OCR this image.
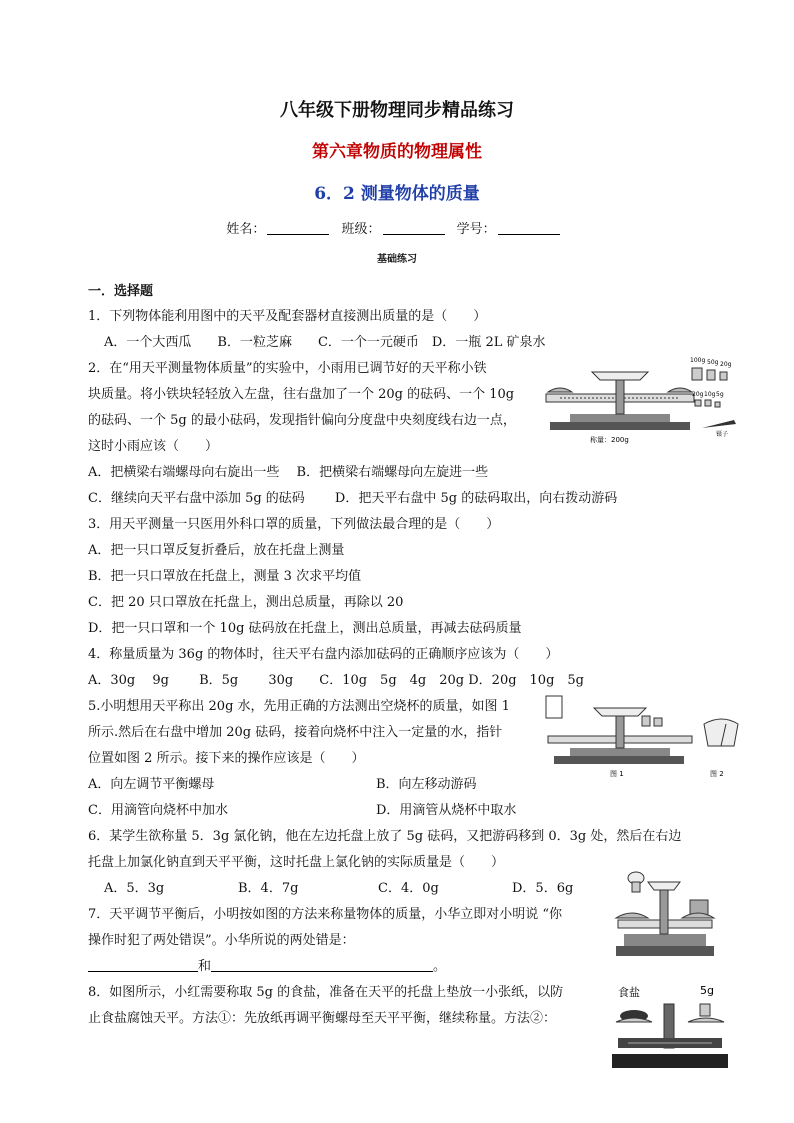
八年级下册物理同步精品练习
第六章物质的物理属性
6．2 测量物体的质量
姓名：	班级：	学号：
基础练习
一．选择题
1．下列物体能利用图中的天平及配套器材直接测出质量的是（　　）
A．一个大西瓜　　B．一粒芝麻　　C．一个一元硬币　D．一瓶 2L 矿泉水
2．在“用天平测量物体质量”的实验中，小雨用已调节好的天平称小铁
块质量。将小铁块轻轻放入左盘，往右盘加了一个 20g 的砝码、一个 10g
的砝码、一个 5g 的最小砝码，发现指针偏向分度盘中央刻度线右边一点，
这时小雨应该（　　）
A．把横梁右端螺母向右旋出一些　 B．把横梁右端螺母向左旋进一些
C．继续向天平右盘中添加 5g 的砝码　　 D．把天平右盘中 5g 的砝码取出，向右拨动游码
称量：200g
100g 50g 20g
20g 10g 5g
镊子
3．用天平测量一只医用外科口罩的质量，下列做法最合理的是（　　）
A．把一只口罩反复折叠后，放在托盘上测量
B．把一只口罩放在托盘上，测量 3 次求平均值
C．把 20 只口罩放在托盘上，测出总质量，再除以 20
D．把一只口罩和一个 10g 砝码放在托盘上，测出总质量，再减去砝码质量
4．称量质量为 36g 的物体时，往天平右盘内添加砝码的正确顺序应该为（　　）
A．30g　 9g　　 B．5g　　 30g　　C．10g　5g　4g　20g D．20g　10g　5g
5.小明想用天平称出 20g 水，先用正确的方法测出空烧杯的质量，如图 1
所示.然后在右盘中增加 20g 砝码，接着向烧杯中注入一定量的水，指针
位置如图 2 所示。接下来的操作应该是（　　）
A．向左调节平衡螺母	B．向左移动游码
C．用滴管向烧杯中加水	D．用滴管从烧杯中取水
图 1	图 2
6．某学生欲称量 5．3g 氯化钠，他在左边托盘上放了 5g 砝码，又把游码移到 0．3g 处，然后在右边
托盘上加氯化钠直到天平平衡，这时托盘上氯化钠的实际质量是（　　）
A．5．3g	B．4．7g	C．4．0g	D．5．6g
7．天平调节平衡后，小明按如图的方法来称量物体的质量，小华立即对小明说 “你
操作时犯了两处错误”。小华所说的两处错是：
和	。
8．如图所示，小红需要称取 5g 的食盐，准备在天平的托盘上垫放一小张纸，以防
止食盐腐蚀天平。方法①：先放纸再调平衡螺母至天平平衡，继续称量。方法②：
食盐	5g
